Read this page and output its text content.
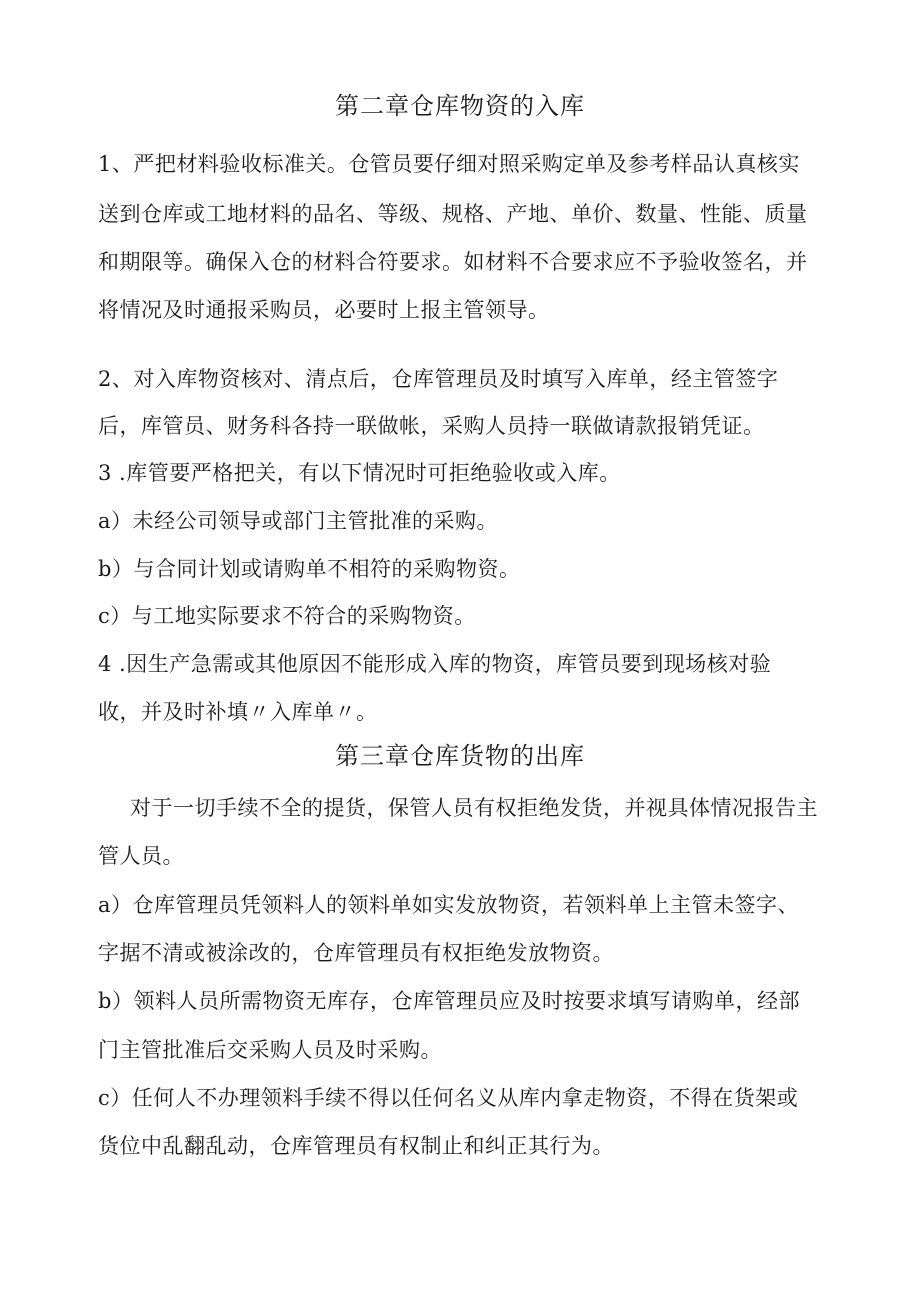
第二章仓库物资的入库
1、严把材料验收标准关。仓管员要仔细对照采购定单及参考样品认真核实
送到仓库或工地材料的品名、等级、规格、产地、单价、数量、性能、质量
和期限等。确保入仓的材料合符要求。如材料不合要求应不予验收签名，并
将情况及时通报采购员，必要时上报主管领导。
2、对入库物资核对、清点后，仓库管理员及时填写入库单，经主管签字
后，库管员、财务科各持一联做帐，采购人员持一联做请款报销凭证。
3 .库管要严格把关，有以下情况时可拒绝验收或入库。
a）未经公司领导或部门主管批准的采购。
b）与合同计划或请购单不相符的采购物资。
c）与工地实际要求不符合的采购物资。
4 .因生产急需或其他原因不能形成入库的物资，库管员要到现场核对验
收，并及时补填〃入库单〃。
第三章仓库货物的出库
对于一切手续不全的提货，保管人员有权拒绝发货，并视具体情况报告主
管人员。
a）仓库管理员凭领料人的领料单如实发放物资，若领料单上主管未签字、
字据不清或被涂改的，仓库管理员有权拒绝发放物资。
b）领料人员所需物资无库存，仓库管理员应及时按要求填写请购单，经部
门主管批准后交采购人员及时采购。
c）任何人不办理领料手续不得以任何名义从库内拿走物资，不得在货架或
货位中乱翻乱动，仓库管理员有权制止和纠正其行为。
